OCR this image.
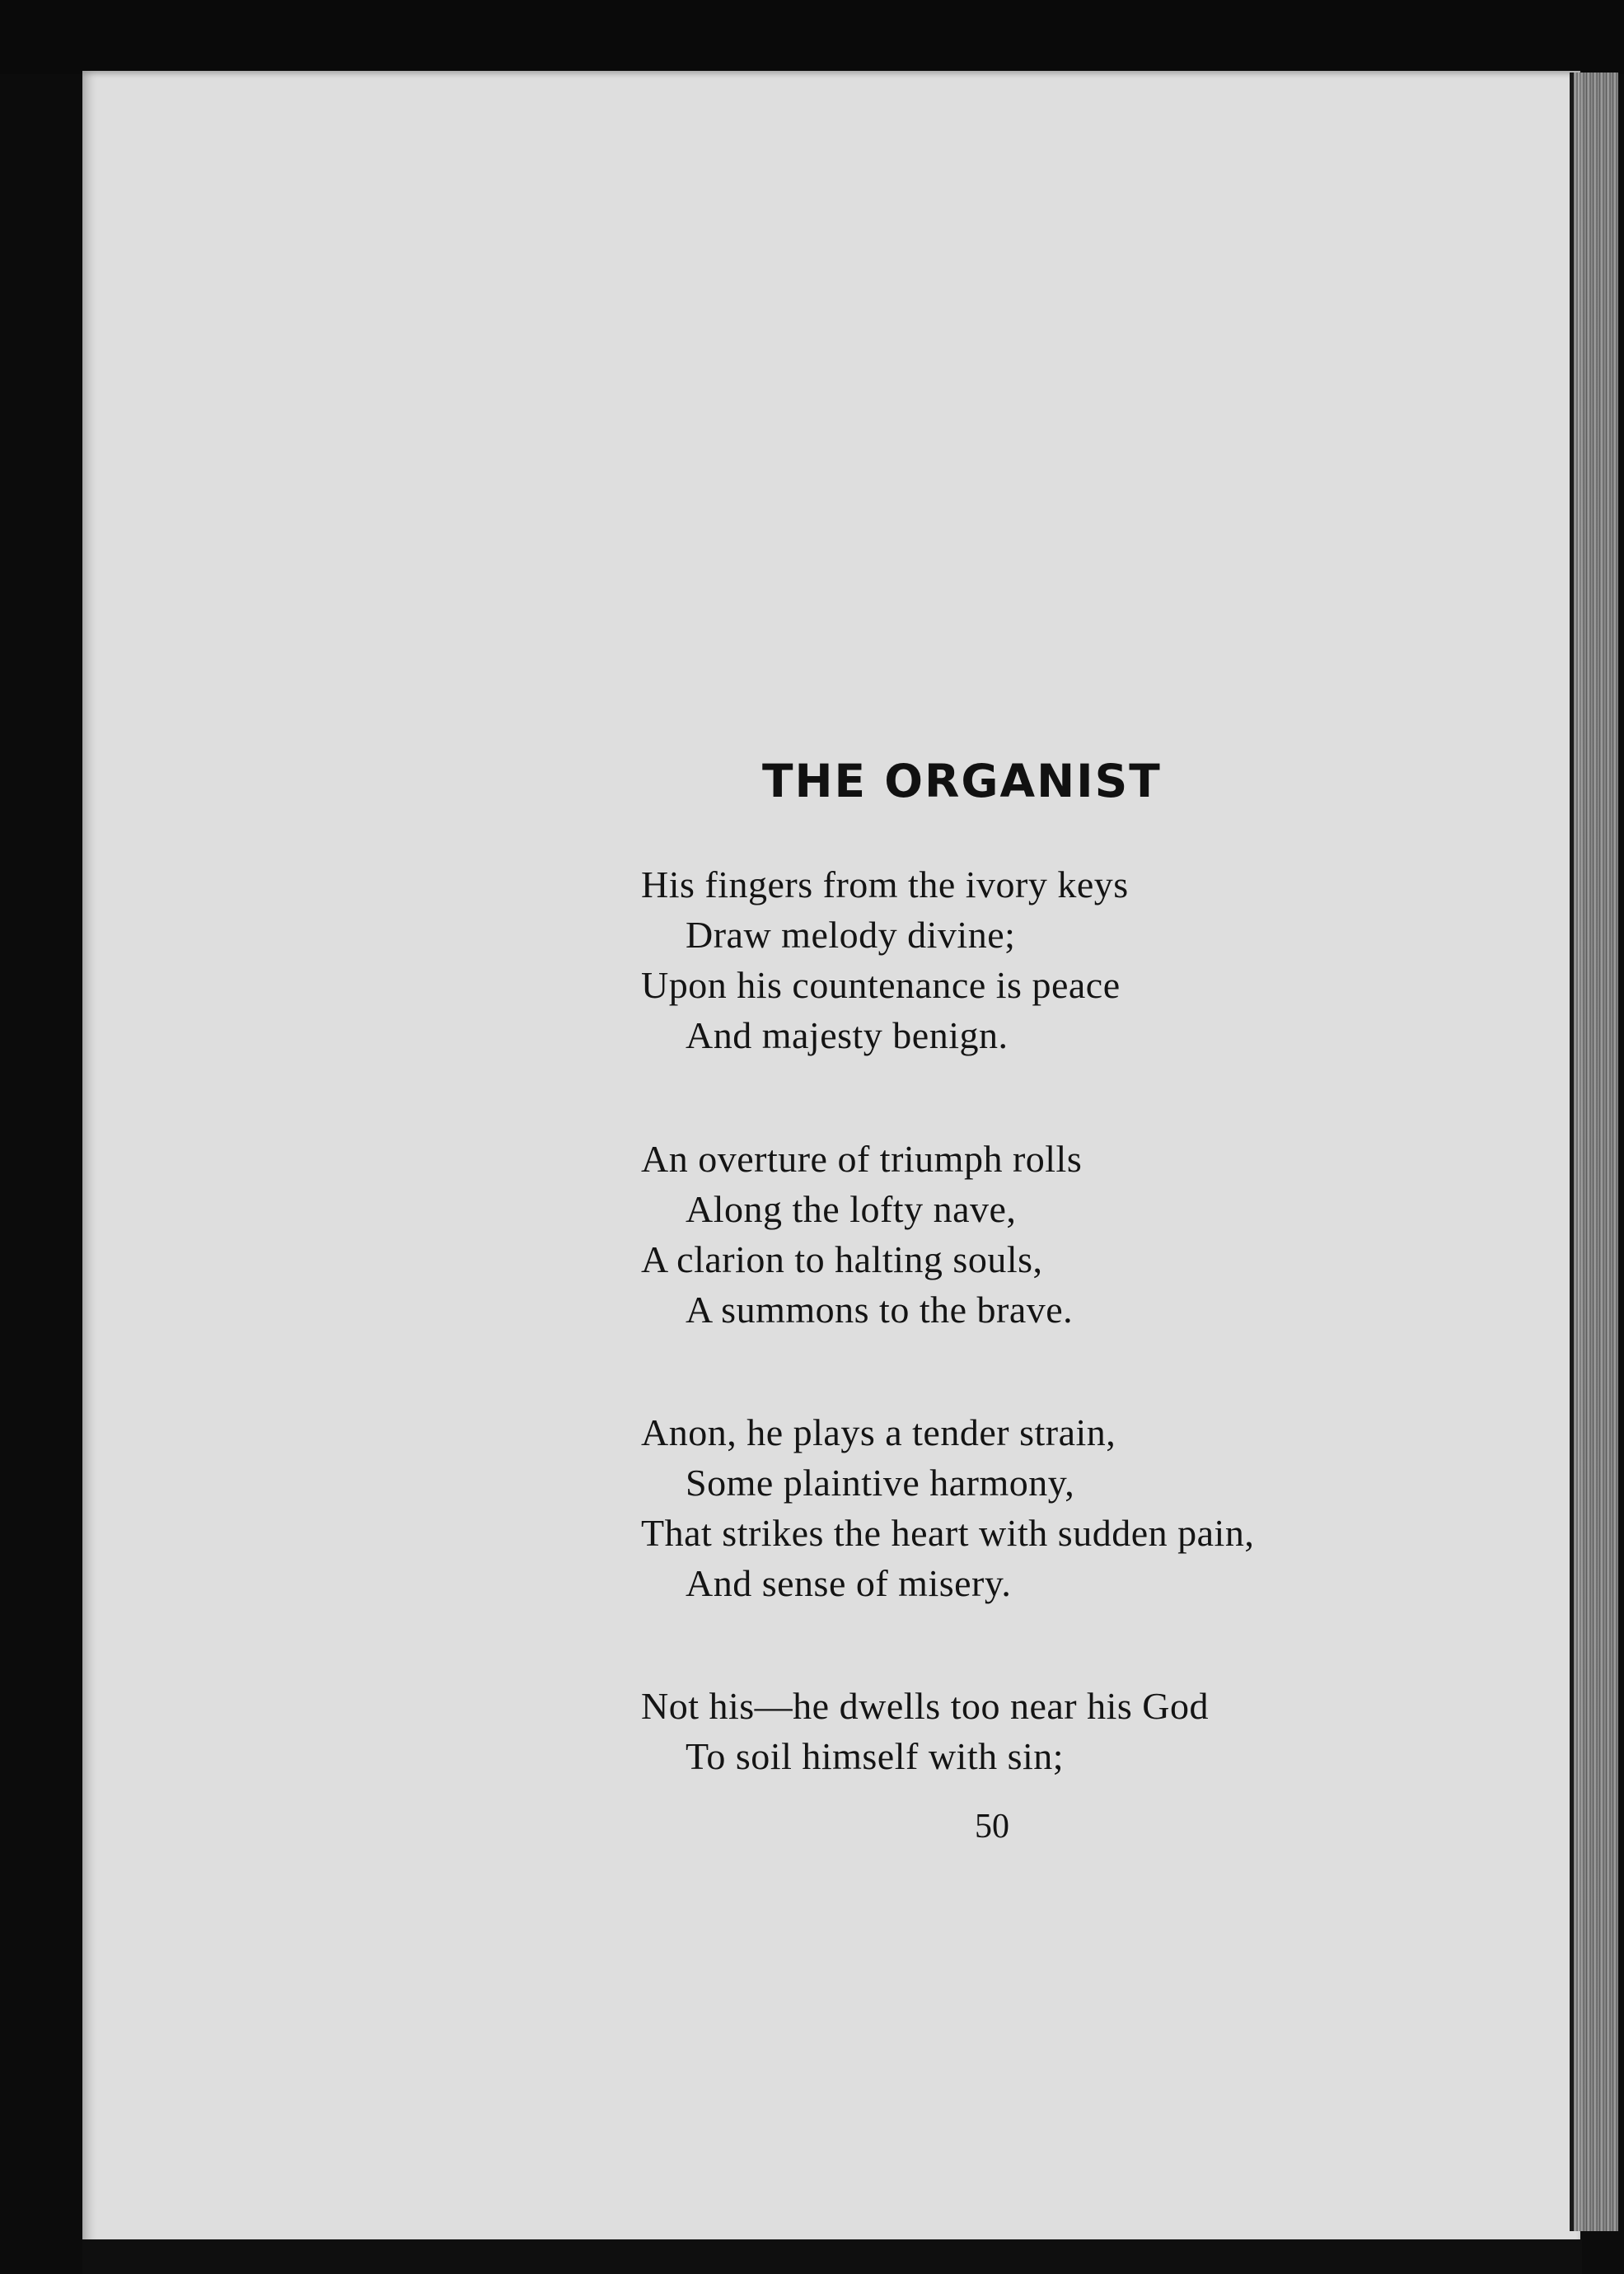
THE ORGANIST
His fingers from the ivory keys
Draw melody divine;
Upon his countenance is peace
And majesty benign.
An overture of triumph rolls
Along the lofty nave,
A clarion to halting souls,
A summons to the brave.
Anon, he plays a tender strain,
Some plaintive harmony,
That strikes the heart with sudden pain,
And sense of misery.
Not his—he dwells too near his God
To soil himself with sin;
50
